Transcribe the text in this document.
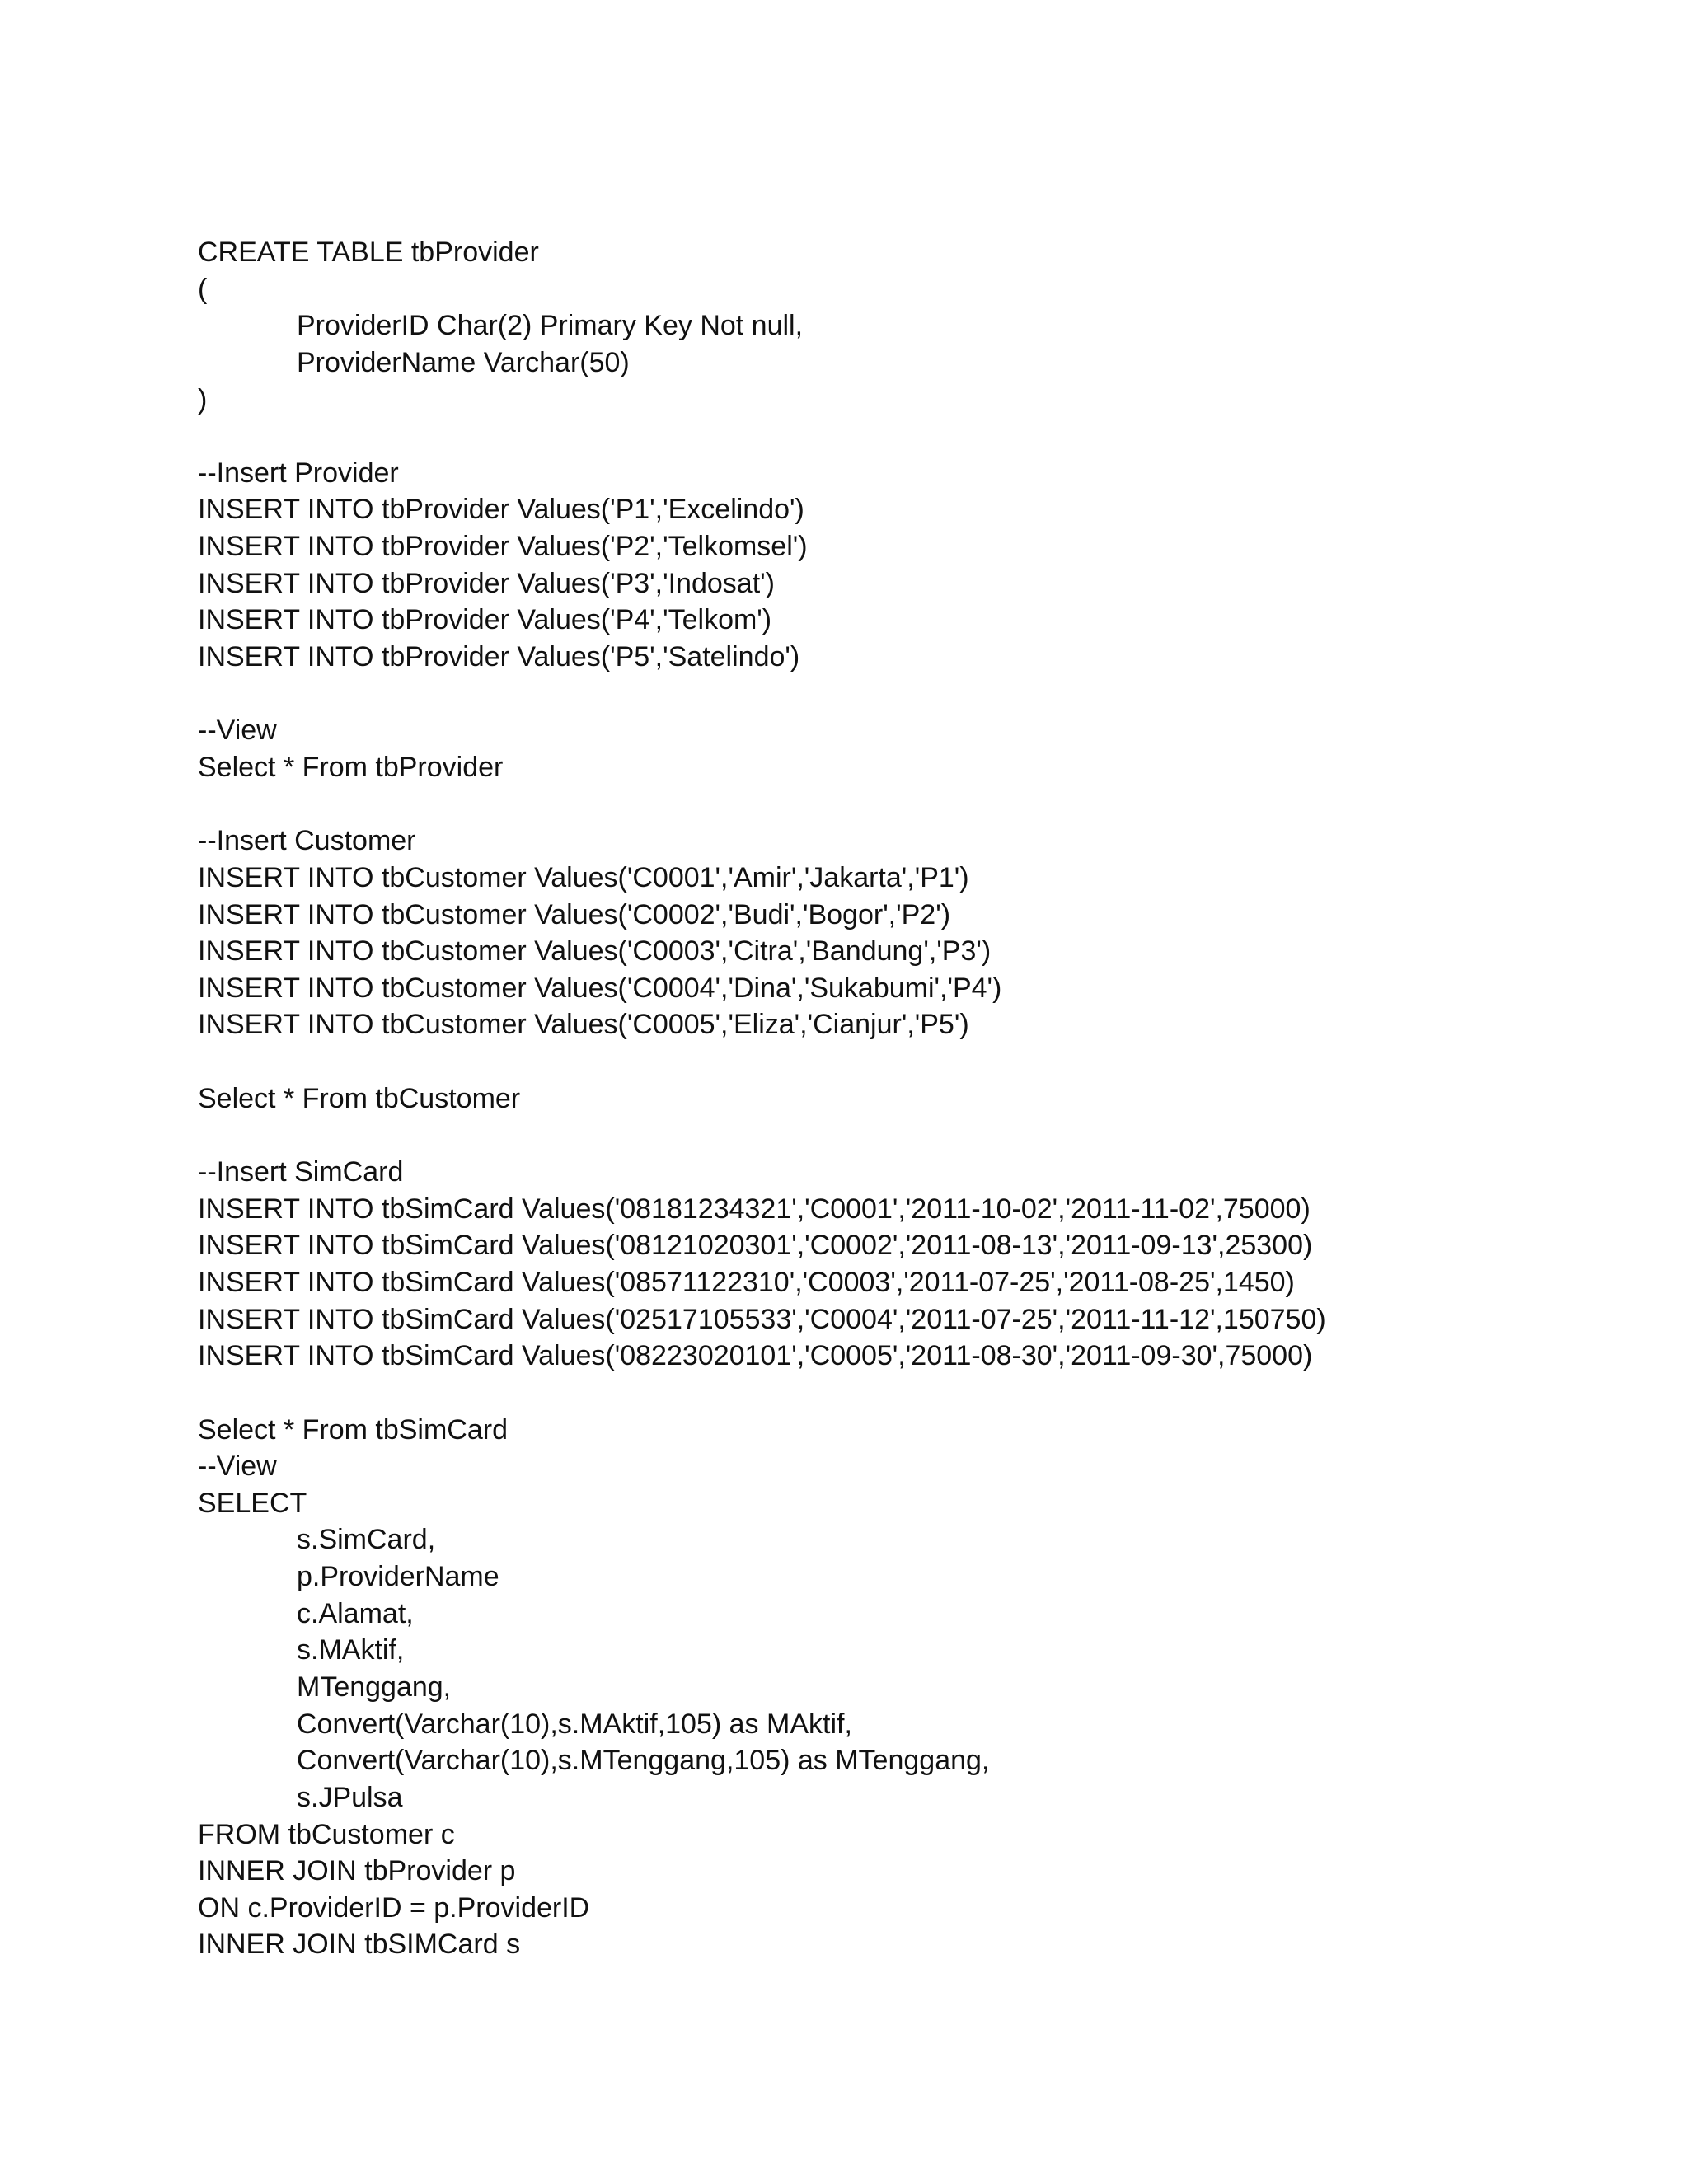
CREATE TABLE tbProvider
(
ProviderID Char(2) Primary Key Not null,
ProviderName Varchar(50)
)
--Insert Provider
INSERT INTO tbProvider Values('P1','Excelindo')
INSERT INTO tbProvider Values('P2','Telkomsel')
INSERT INTO tbProvider Values('P3','Indosat')
INSERT INTO tbProvider Values('P4','Telkom')
INSERT INTO tbProvider Values('P5','Satelindo')
--View
Select * From tbProvider
--Insert Customer
INSERT INTO tbCustomer Values('C0001','Amir','Jakarta','P1')
INSERT INTO tbCustomer Values('C0002','Budi','Bogor','P2')
INSERT INTO tbCustomer Values('C0003','Citra','Bandung','P3')
INSERT INTO tbCustomer Values('C0004','Dina','Sukabumi','P4')
INSERT INTO tbCustomer Values('C0005','Eliza','Cianjur','P5')
Select * From tbCustomer
--Insert SimCard
INSERT INTO tbSimCard Values('08181234321','C0001','2011-10-02','2011-11-02',75000)
INSERT INTO tbSimCard Values('08121020301','C0002','2011-08-13','2011-09-13',25300)
INSERT INTO tbSimCard Values('08571122310','C0003','2011-07-25','2011-08-25',1450)
INSERT INTO tbSimCard Values('02517105533','C0004','2011-07-25','2011-11-12',150750)
INSERT INTO tbSimCard Values('08223020101','C0005','2011-08-30','2011-09-30',75000)
Select * From tbSimCard
--View
SELECT
s.SimCard,
p.ProviderName
c.Alamat,
s.MAktif,
MTenggang,
Convert(Varchar(10),s.MAktif,105) as MAktif,
Convert(Varchar(10),s.MTenggang,105) as MTenggang,
s.JPulsa
FROM tbCustomer c
INNER JOIN tbProvider p
ON c.ProviderID = p.ProviderID
INNER JOIN tbSIMCard s
